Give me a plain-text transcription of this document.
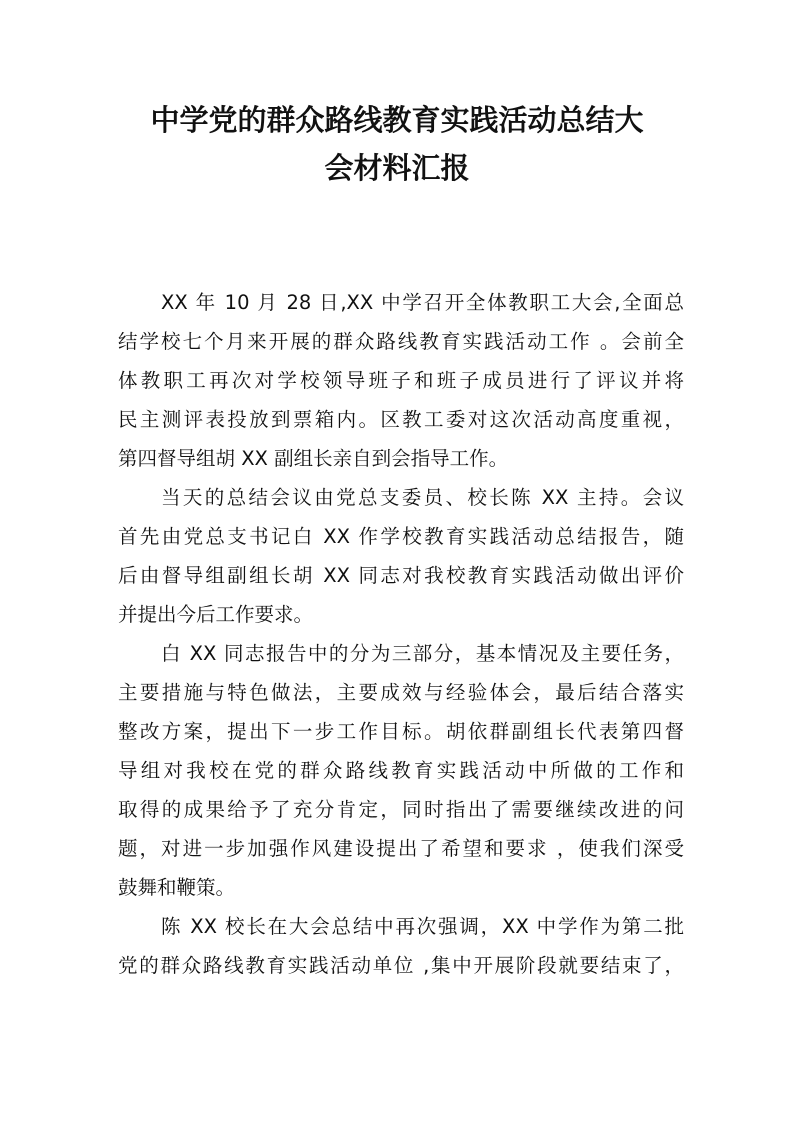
中学党的群众路线教育实践活动总结大
会材料汇报
XX 年 10 月 28 日,XX 中学召开全体教职工大会,全面总
结学校七个月来开展的群众路线教育实践活动工作 。会前全
体教职工再次对学校领导班子和班子成员进行了评议并将
民主测评表投放到票箱内。区教工委对这次活动高度重视，
第四督导组胡 XX 副组长亲自到会指导工作。
当天的总结会议由党总支委员、校长陈 XX 主持。会议
首先由党总支书记白 XX 作学校教育实践活动总结报告，随
后由督导组副组长胡 XX 同志对我校教育实践活动做出评价
并提出今后工作要求。
白 XX 同志报告中的分为三部分，基本情况及主要任务，
主要措施与特色做法，主要成效与经验体会，最后结合落实
整改方案，提出下一步工作目标。胡依群副组长代表第四督
导组对我校在党的群众路线教育实践活动中所做的工作和
取得的成果给予了充分肯定，同时指出了需要继续改进的问
题，对进一步加强作风建设提出了希望和要求 ，使我们深受
鼓舞和鞭策。
陈 XX 校长在大会总结中再次强调，XX 中学作为第二批
党的群众路线教育实践活动单位 ,集中开展阶段就要结束了，
